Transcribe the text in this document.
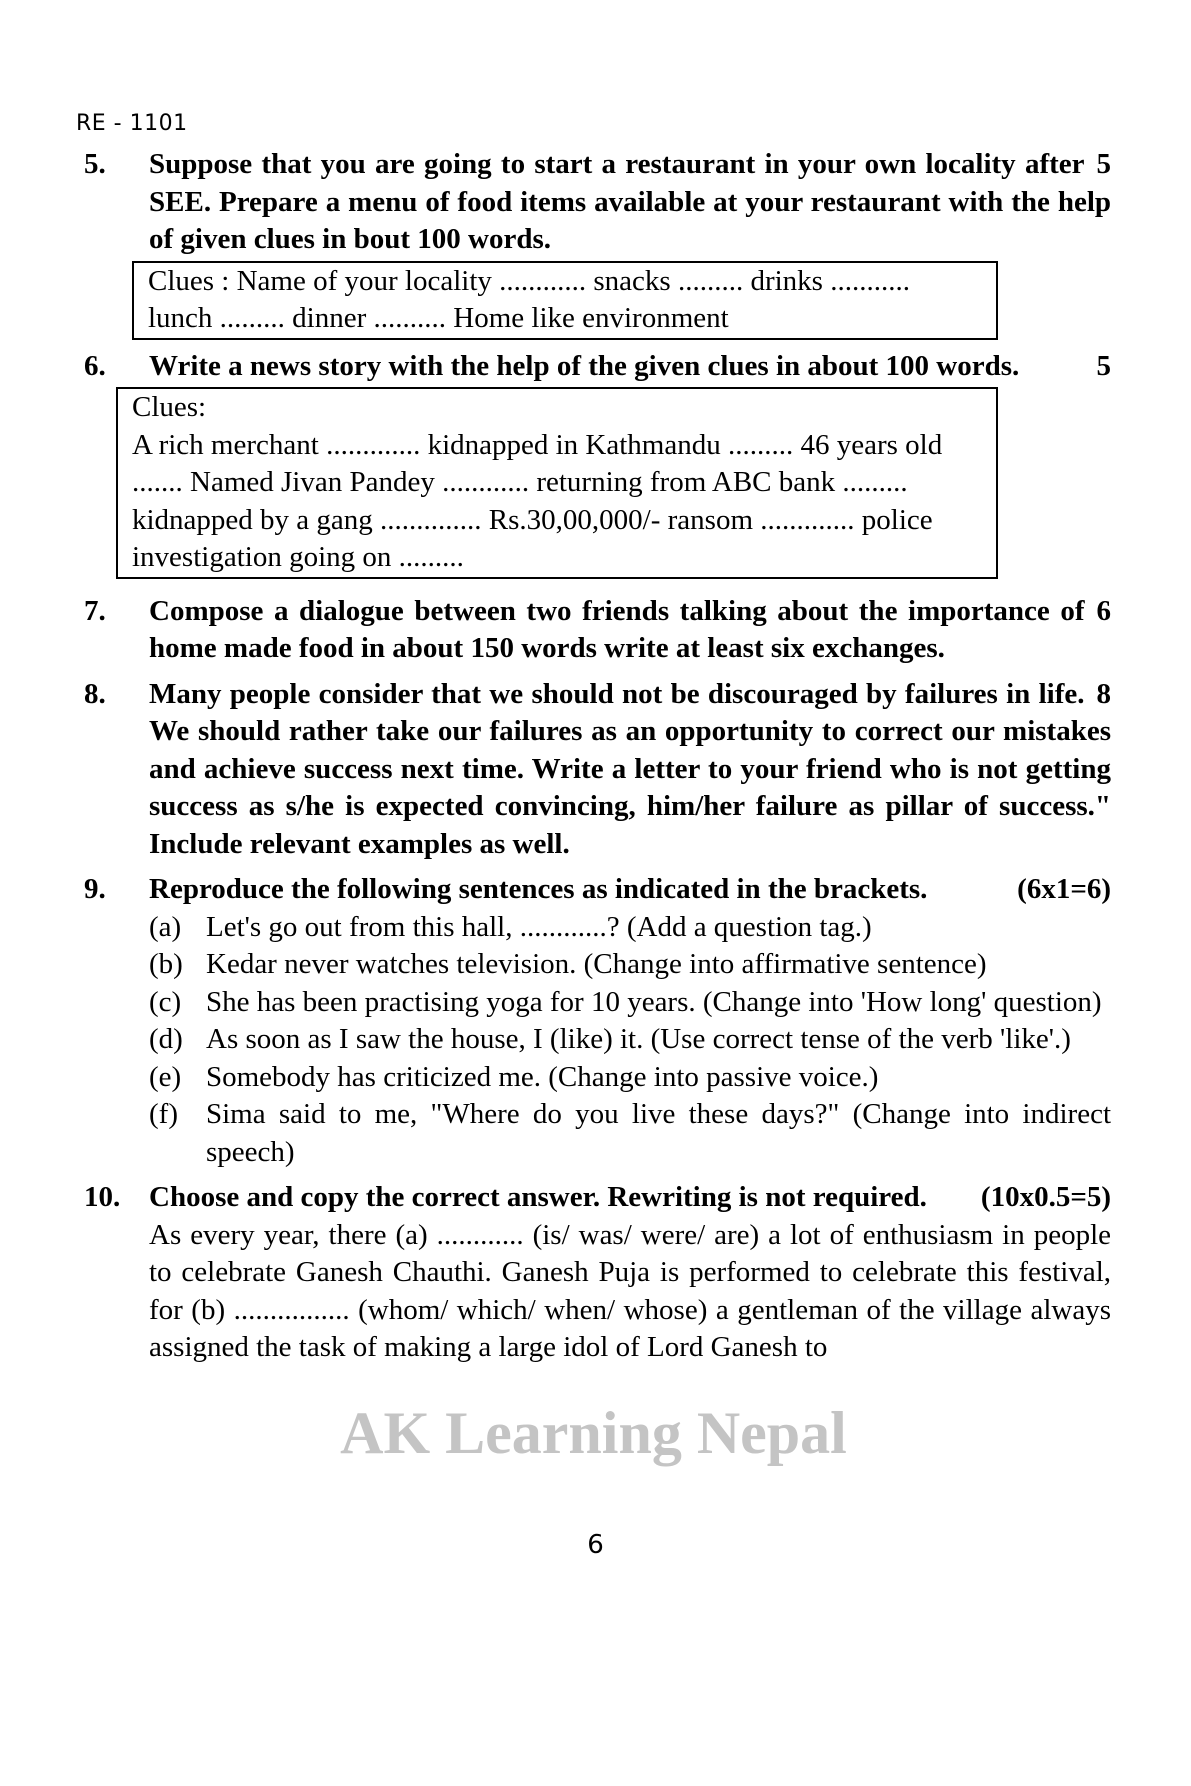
RE - 1101
5.	5
Suppose that you are going to start a restaurant in your own locality after SEE. Prepare a menu of food items available at your restaurant with the help of given clues in bout 100 words.
Clues : Name of your locality ............ snacks ......... drinks ...........
lunch ......... dinner .......... Home like environment
6.	5
Write a news story with the help of the given clues in about 100 words.
Clues:
A rich merchant ............. kidnapped in Kathmandu ......... 46 years old
....... Named Jivan Pandey ............ returning from ABC bank .........
kidnapped by a gang .............. Rs.30,00,000/- ransom ............. police
investigation going on .........
7.	6
Compose a dialogue between two friends talking about the importance of home made food in about 150 words write at least six exchanges.
8.	8
Many people consider that we should not be discouraged by failures in life. We should rather take our failures as an opportunity to correct our mistakes and achieve success next time. Write a letter to your friend who is not getting success as s/he is expected convincing, him/her failure as pillar of success." Include relevant examples as well.
9.	(6x1=6)
Reproduce the following sentences as indicated in the brackets.
(a) Let's go out from this hall, ............? (Add a question tag.)
(b) Kedar never watches television. (Change into affirmative sentence)
(c) She has been practising yoga for 10 years. (Change into 'How long' question)
(d) As soon as I saw the house, I (like) it. (Use correct tense of the verb 'like'.)
(e) Somebody has criticized me. (Change into passive voice.)
(f) Sima said to me, "Where do you live these days?" (Change into indirect speech)
10.	(10x0.5=5)
Choose and copy the correct answer. Rewriting is not required.
As every year, there (a) ............ (is/ was/ were/ are) a lot of enthusiasm in people to celebrate Ganesh Chauthi. Ganesh Puja is performed to celebrate this festival, for (b) ................ (whom/ which/ when/ whose) a gentleman of the village always assigned the task of making a large idol of Lord Ganesh to
AK Learning Nepal
6
